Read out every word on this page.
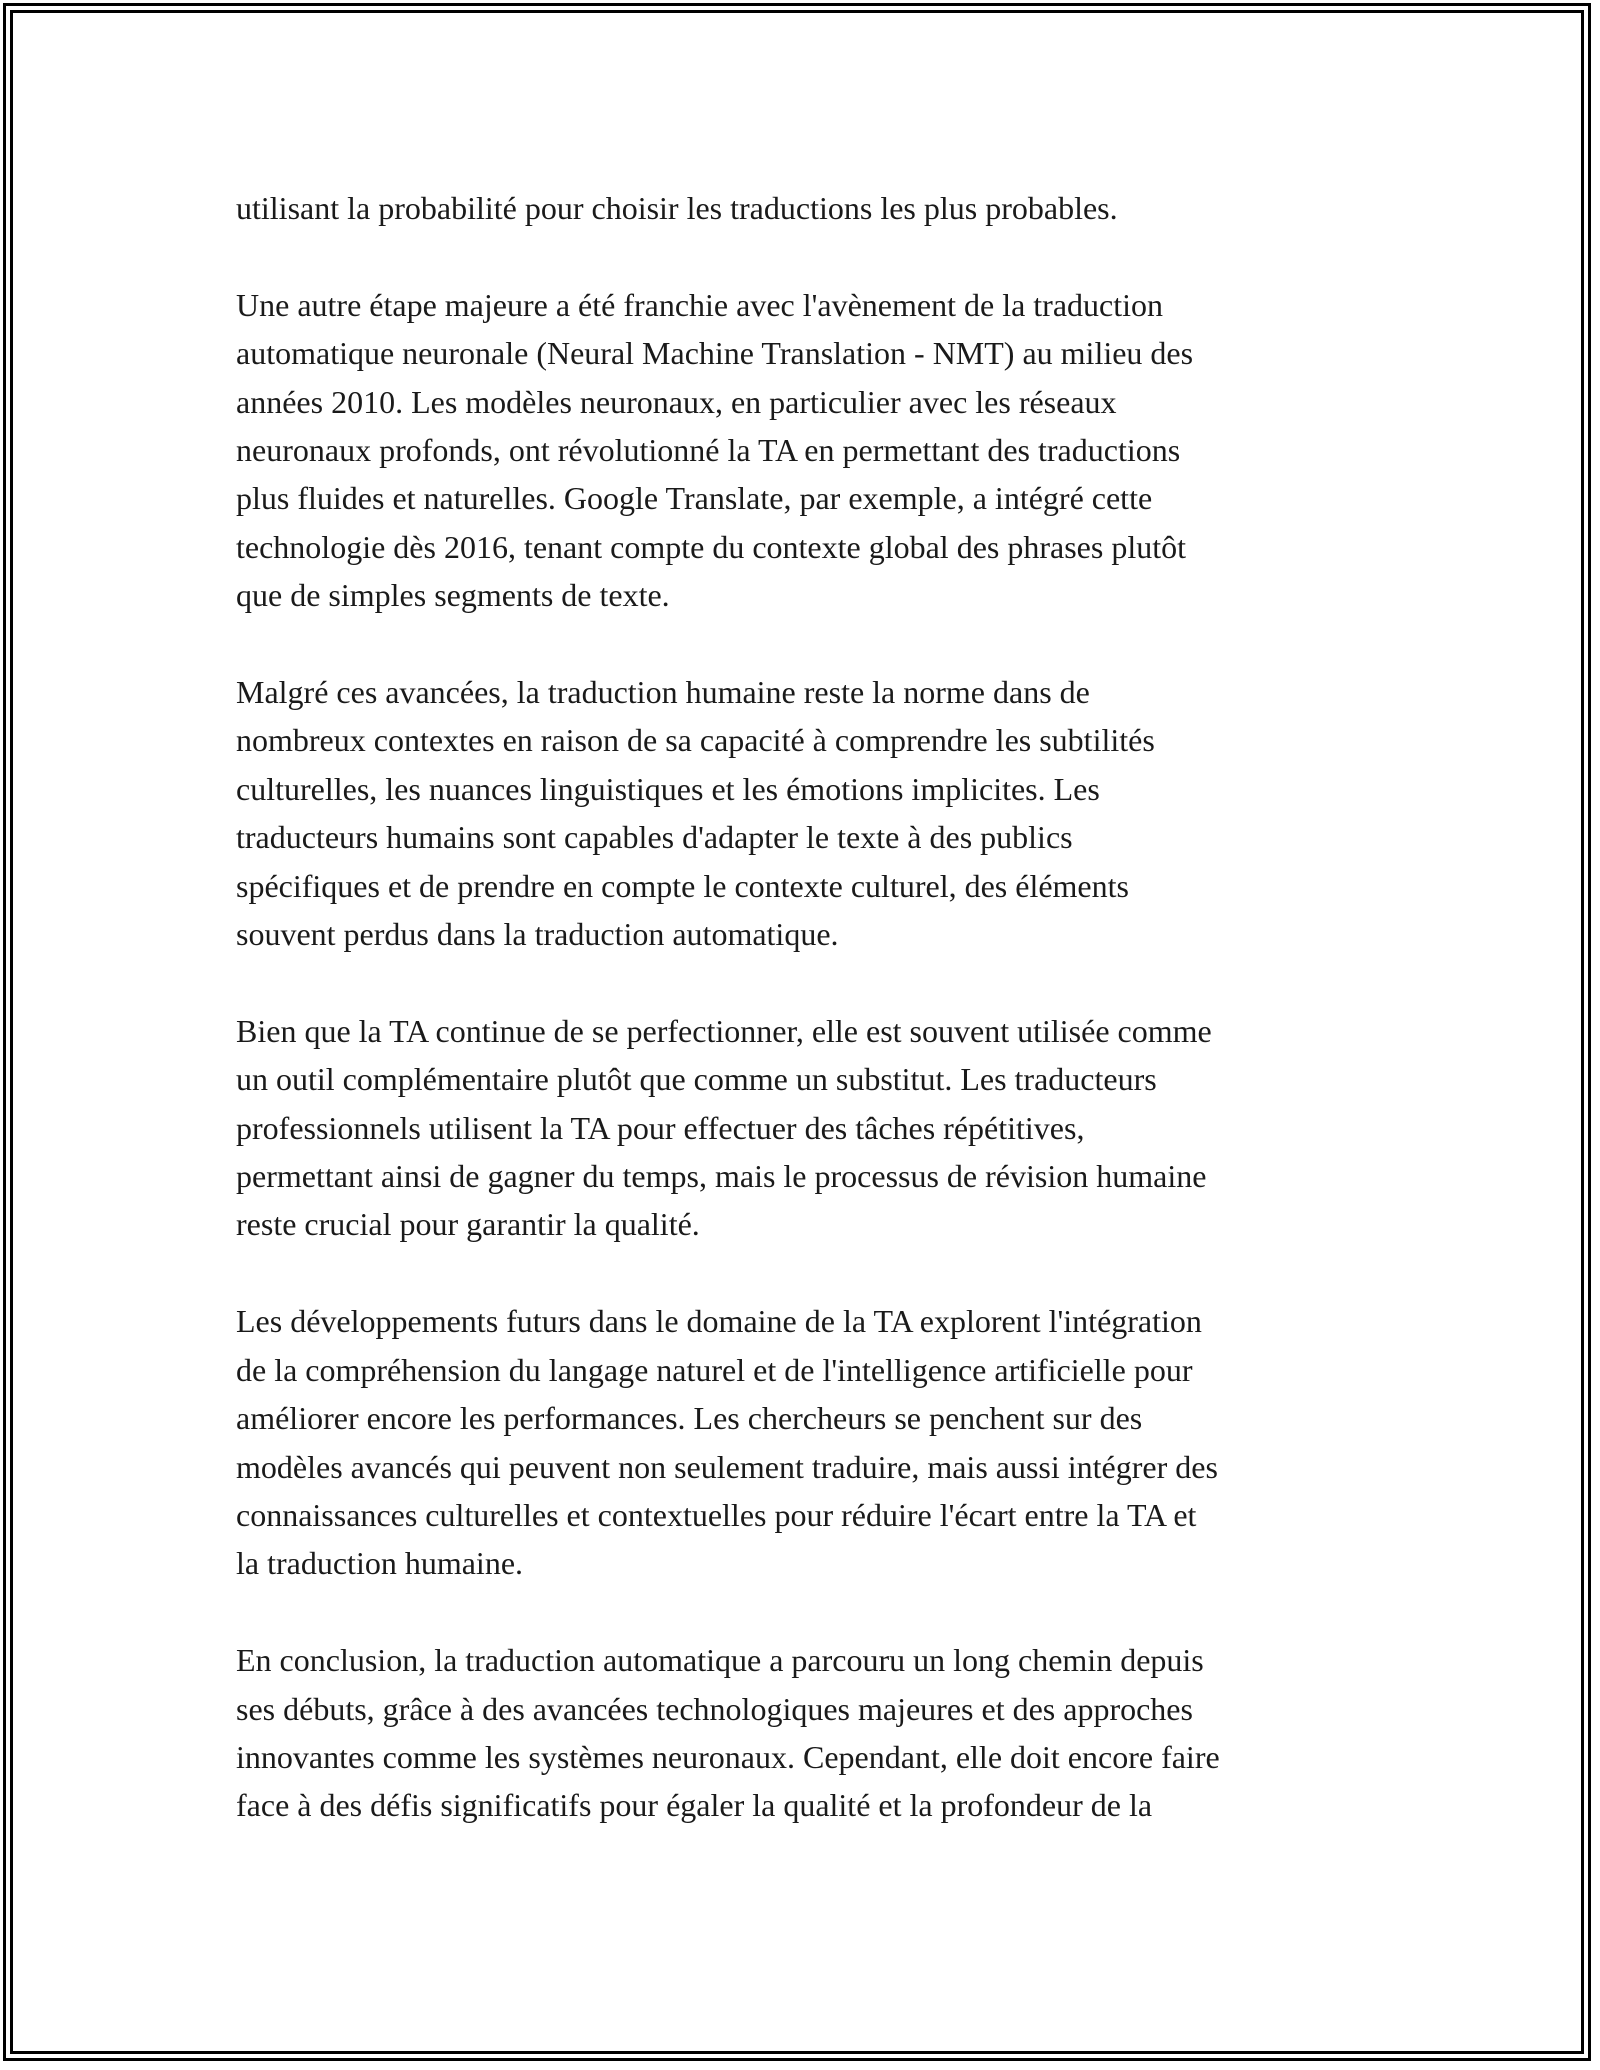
utilisant la probabilité pour choisir les traductions les plus probables.

Une autre étape majeure a été franchie avec l'avènement de la traduction
automatique neuronale (Neural Machine Translation - NMT) au milieu des
années 2010. Les modèles neuronaux, en particulier avec les réseaux
neuronaux profonds, ont révolutionné la TA en permettant des traductions
plus fluides et naturelles. Google Translate, par exemple, a intégré cette
technologie dès 2016, tenant compte du contexte global des phrases plutôt
que de simples segments de texte.

Malgré ces avancées, la traduction humaine reste la norme dans de
nombreux contextes en raison de sa capacité à comprendre les subtilités
culturelles, les nuances linguistiques et les émotions implicites. Les
traducteurs humains sont capables d'adapter le texte à des publics
spécifiques et de prendre en compte le contexte culturel, des éléments
souvent perdus dans la traduction automatique.

Bien que la TA continue de se perfectionner, elle est souvent utilisée comme
un outil complémentaire plutôt que comme un substitut. Les traducteurs
professionnels utilisent la TA pour effectuer des tâches répétitives,
permettant ainsi de gagner du temps, mais le processus de révision humaine
reste crucial pour garantir la qualité.

Les développements futurs dans le domaine de la TA explorent l'intégration
de la compréhension du langage naturel et de l'intelligence artificielle pour
améliorer encore les performances. Les chercheurs se penchent sur des
modèles avancés qui peuvent non seulement traduire, mais aussi intégrer des
connaissances culturelles et contextuelles pour réduire l'écart entre la TA et
la traduction humaine.

En conclusion, la traduction automatique a parcouru un long chemin depuis
ses débuts, grâce à des avancées technologiques majeures et des approches
innovantes comme les systèmes neuronaux. Cependant, elle doit encore faire
face à des défis significatifs pour égaler la qualité et la profondeur de la
